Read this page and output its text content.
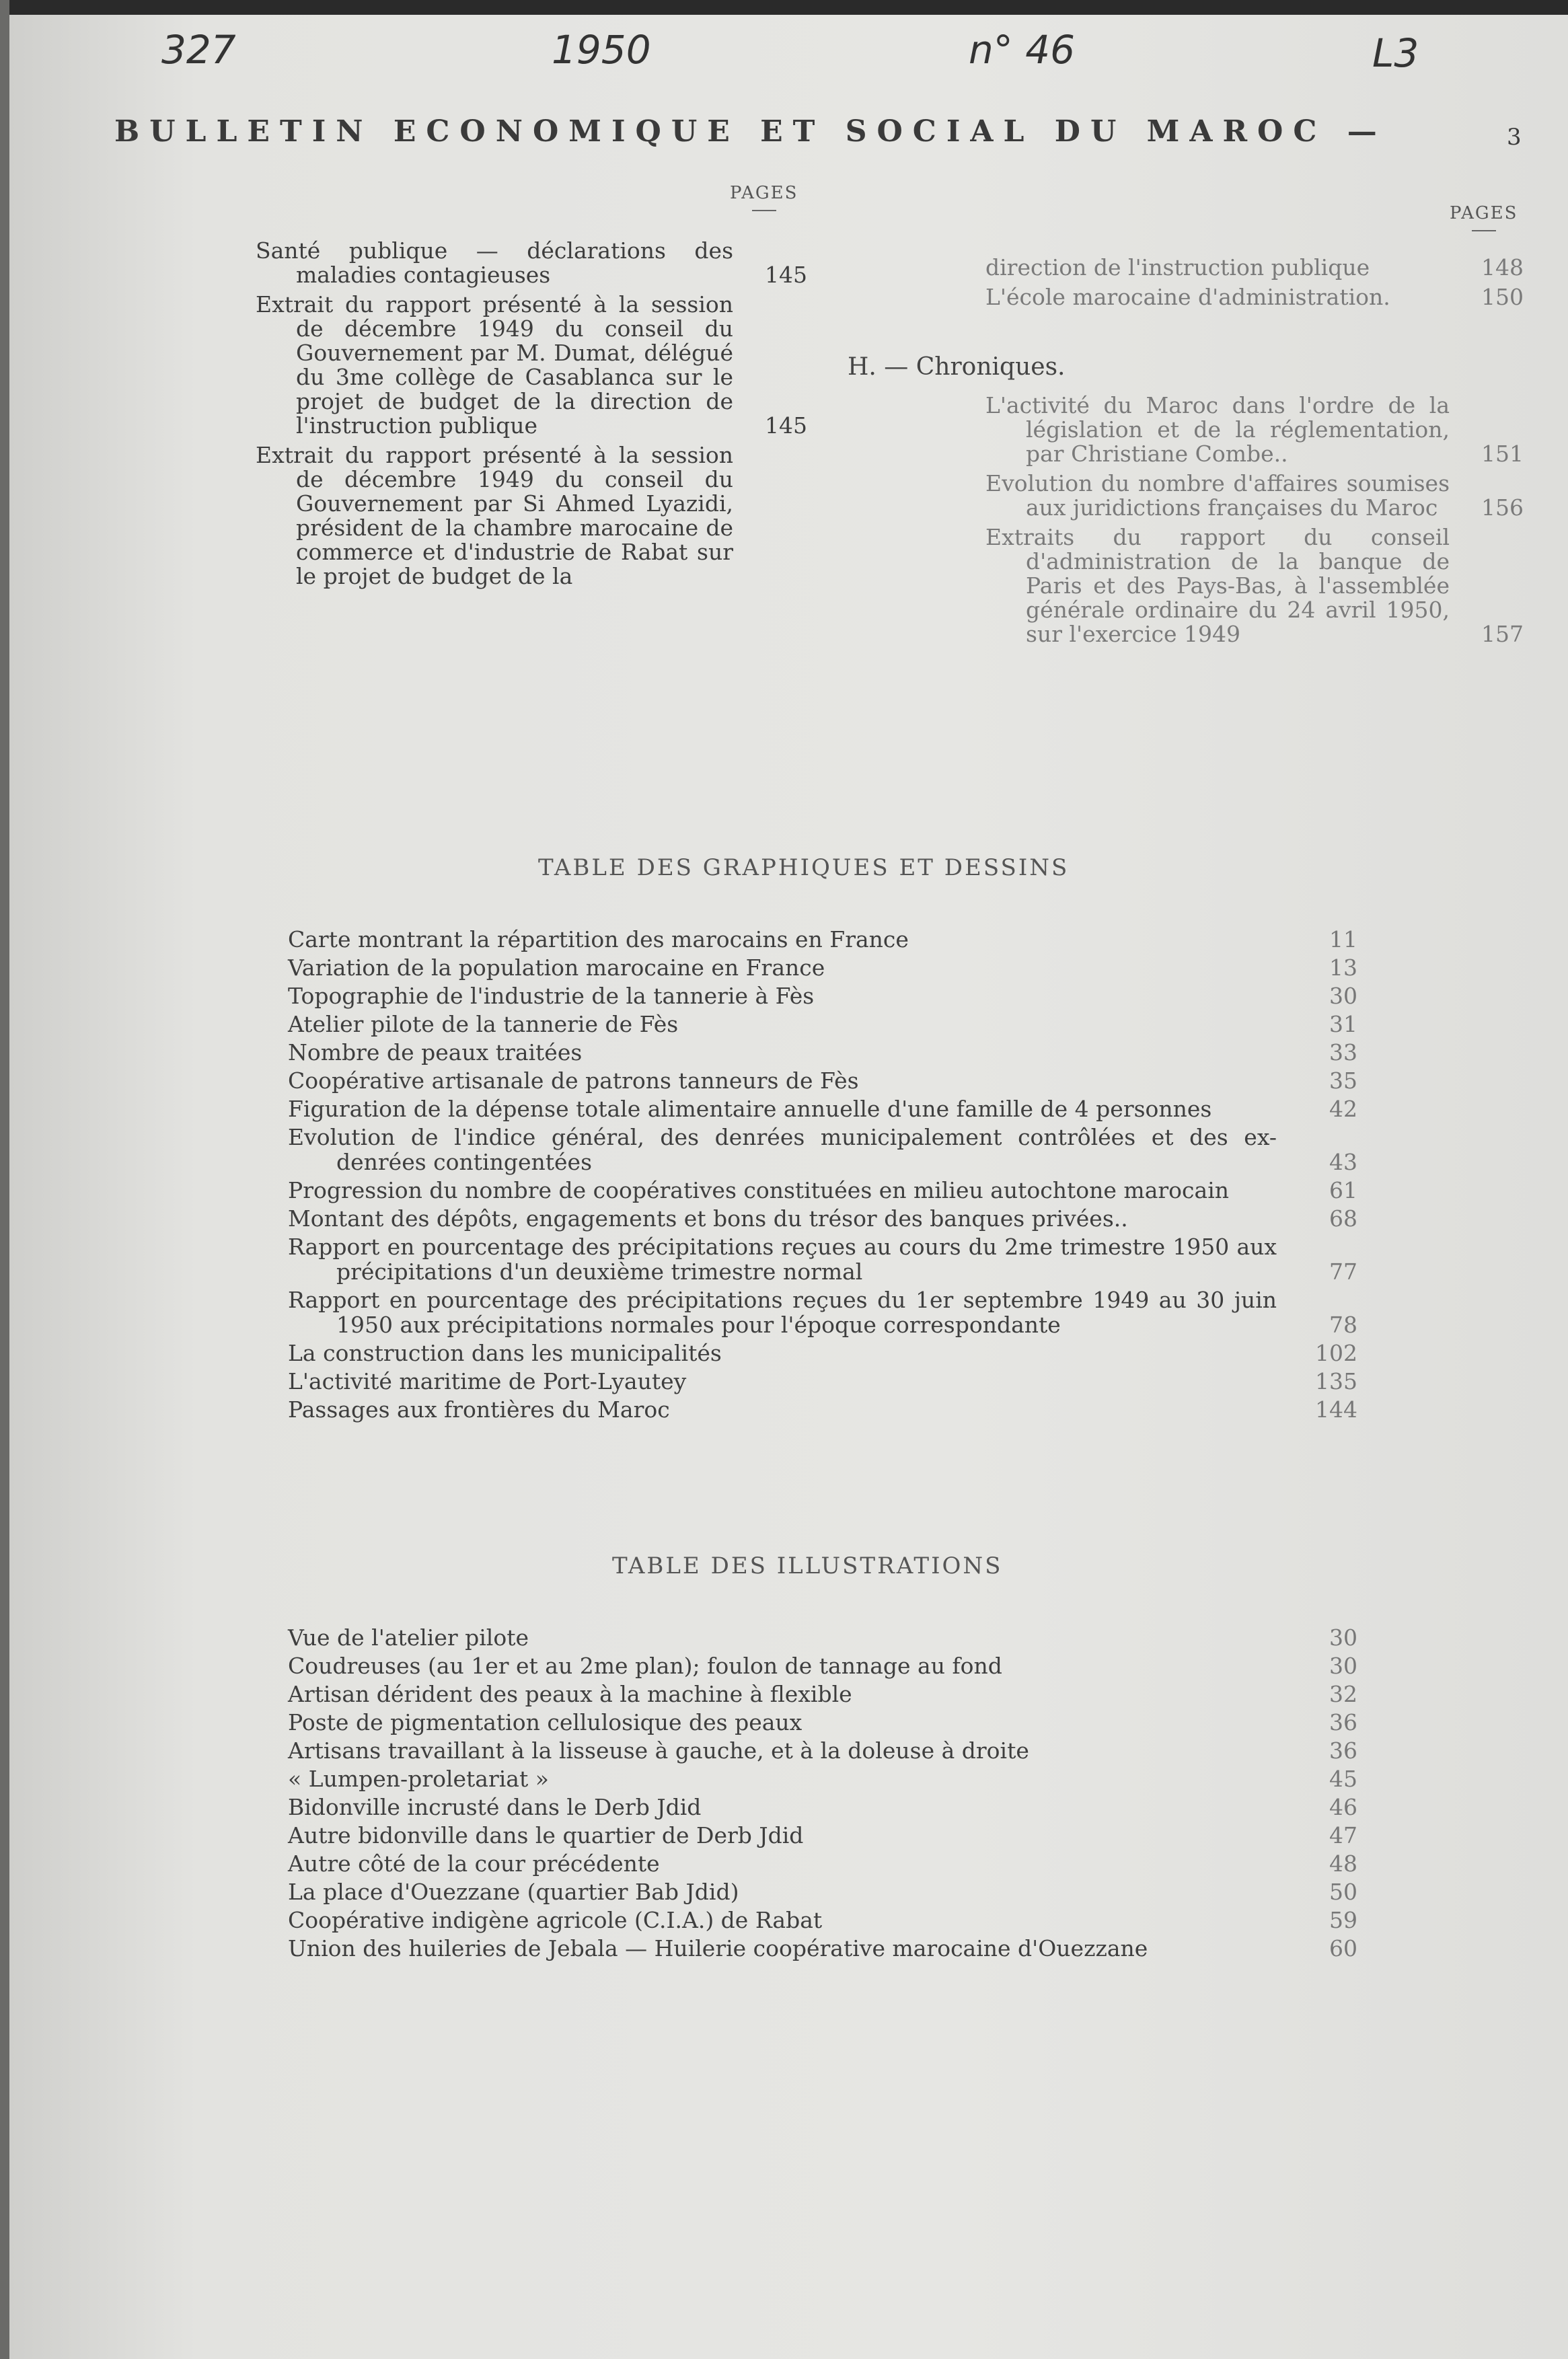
327	1950	n° 46	L3
BULLETIN ECONOMIQUE ET SOCIAL DU MAROC —	3
PAGES
PAGES
Santé publique — déclarations des maladies contagieuses	145
Extrait du rapport présenté à la session de décembre 1949 du conseil du Gouvernement par M. Dumat, délégué du 3me collège de Casablanca sur le projet de budget de la direction de l'instruction publique	145
Extrait du rapport présenté à la session de décembre 1949 du conseil du Gouvernement par Si Ahmed Lyazidi, président de la chambre marocaine de commerce et d'industrie de Rabat sur le projet de budget de la
direction de l'instruction publique	148
L'école marocaine d'administration.	150
H. — Chroniques.
L'activité du Maroc dans l'ordre de la législation et de la réglementation, par Christiane Combe..	151
Evolution du nombre d'affaires soumises aux juridictions françaises du Maroc	156
Extraits du rapport du conseil d'administration de la banque de Paris et des Pays-Bas, à l'assemblée générale ordinaire du 24 avril 1950, sur l'exercice 1949	157
TABLE DES GRAPHIQUES ET DESSINS
Carte montrant la répartition des marocains en France	11
Variation de la population marocaine en France	13
Topographie de l'industrie de la tannerie à Fès	30
Atelier pilote de la tannerie de Fès	31
Nombre de peaux traitées	33
Coopérative artisanale de patrons tanneurs de Fès	35
Figuration de la dépense totale alimentaire annuelle d'une famille de 4 personnes	42
Evolution de l'indice général, des denrées municipalement contrôlées et des ex-denrées contingentées	43
Progression du nombre de coopératives constituées en milieu autochtone marocain	61
Montant des dépôts, engagements et bons du trésor des banques privées..	68
Rapport en pourcentage des précipitations reçues au cours du 2me trimestre 1950 aux précipitations d'un deuxième trimestre normal	77
Rapport en pourcentage des précipitations reçues du 1er septembre 1949 au 30 juin 1950 aux précipitations normales pour l'époque correspondante	78
La construction dans les municipalités	102
L'activité maritime de Port-Lyautey	135
Passages aux frontières du Maroc	144
TABLE DES ILLUSTRATIONS
Vue de l'atelier pilote	30
Coudreuses (au 1er et au 2me plan); foulon de tannage au fond	30
Artisan dérident des peaux à la machine à flexible	32
Poste de pigmentation cellulosique des peaux	36
Artisans travaillant à la lisseuse à gauche, et à la doleuse à droite	36
« Lumpen-proletariat »	45
Bidonville incrusté dans le Derb Jdid	46
Autre bidonville dans le quartier de Derb Jdid	47
Autre côté de la cour précédente	48
La place d'Ouezzane (quartier Bab Jdid)	50
Coopérative indigène agricole (C.I.A.) de Rabat	59
Union des huileries de Jebala — Huilerie coopérative marocaine d'Ouezzane	60
